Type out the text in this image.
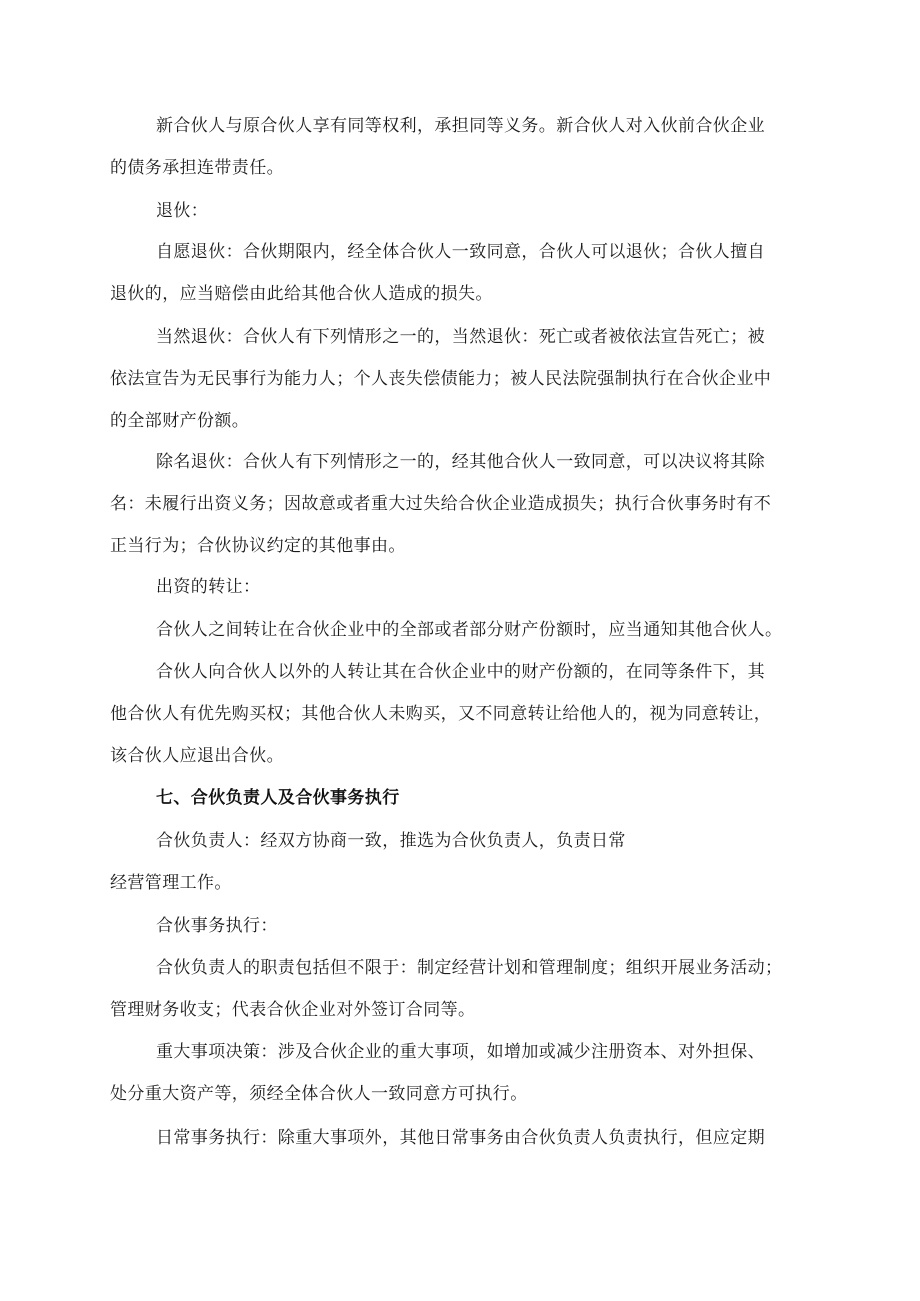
新合伙人与原合伙人享有同等权利，承担同等义务。新合伙人对入伙前合伙企业
的债务承担连带责任。

退伙：

自愿退伙：合伙期限内，经全体合伙人一致同意，合伙人可以退伙；合伙人擅自
退伙的，应当赔偿由此给其他合伙人造成的损失。

当然退伙：合伙人有下列情形之一的，当然退伙：死亡或者被依法宣告死亡；被
依法宣告为无民事行为能力人；个人丧失偿债能力；被人民法院强制执行在合伙企业中
的全部财产份额。

除名退伙：合伙人有下列情形之一的，经其他合伙人一致同意，可以决议将其除
名：未履行出资义务；因故意或者重大过失给合伙企业造成损失；执行合伙事务时有不
正当行为；合伙协议约定的其他事由。

出资的转让：

合伙人之间转让在合伙企业中的全部或者部分财产份额时，应当通知其他合伙人。

合伙人向合伙人以外的人转让其在合伙企业中的财产份额的，在同等条件下，其
他合伙人有优先购买权；其他合伙人未购买，又不同意转让给他人的，视为同意转让，
该合伙人应退出合伙。

七、合伙负责人及合伙事务执行

合伙负责人：经双方协商一致，推选为合伙负责人，负责日常
经营管理工作。

合伙事务执行：

合伙负责人的职责包括但不限于：制定经营计划和管理制度；组织开展业务活动；
管理财务收支；代表合伙企业对外签订合同等。

重大事项决策：涉及合伙企业的重大事项，如增加或减少注册资本、对外担保、
处分重大资产等，须经全体合伙人一致同意方可执行。

日常事务执行：除重大事项外，其他日常事务由合伙负责人负责执行，但应定期
